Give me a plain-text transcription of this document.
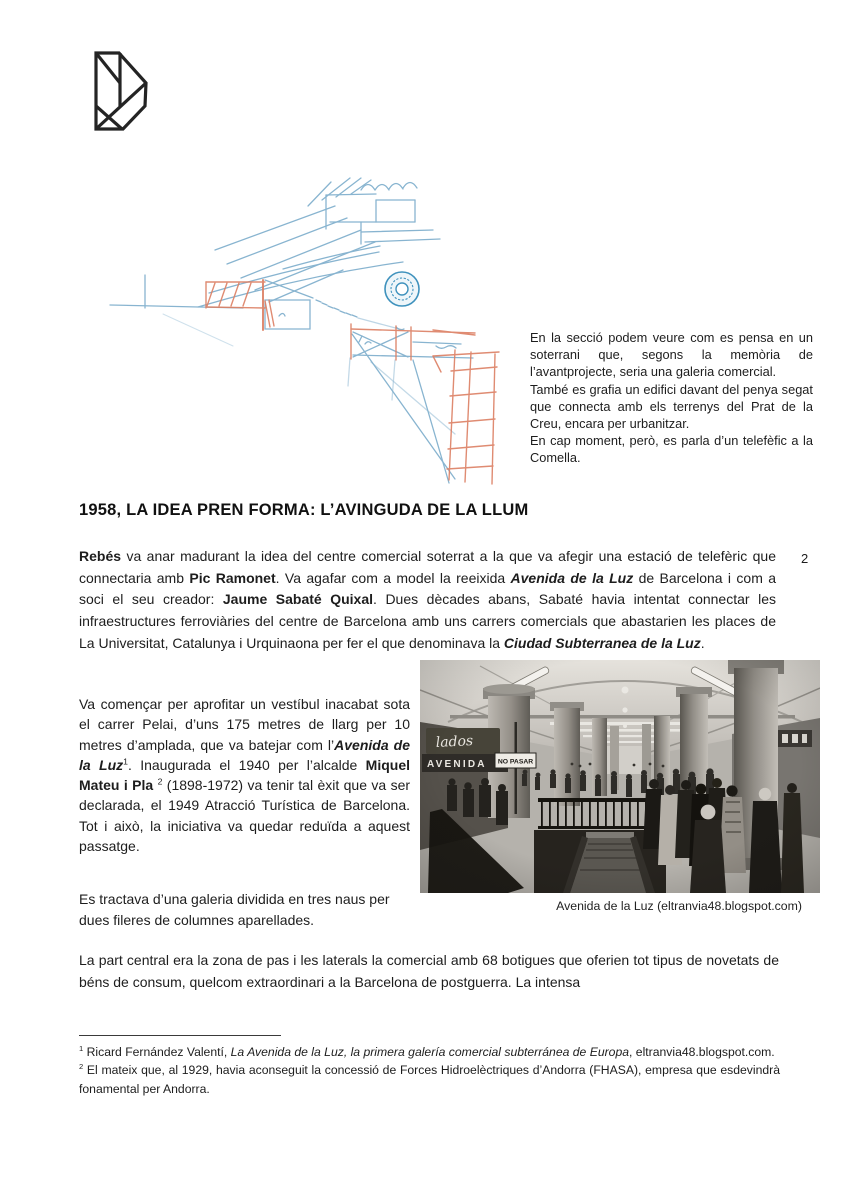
En la secció podem veure com es pensa en un soterrani que, segons la memòria de l’avantprojecte, seria una galeria comercial.

També es grafia un edifici davant del penya segat que connecta amb els terrenys del Prat de la Creu, encara per urbanitzar.

En cap moment, però, es parla d’un telefèfic a la Comella.

1958, LA IDEA PREN FORMA: L’AVINGUDA DE LA LLUM
2
Rebés va anar madurant la idea del centre comercial soterrat a la que va afegir una estació de telefèric que connectaria amb Pic Ramonet. Va agafar com a model la reeixida Avenida de la Luz de Barcelona i com a soci el seu creador: Jaume Sabaté Quixal. Dues dècades abans, Sabaté havia intentat connectar les infraestructures ferroviàries del centre de Barcelona amb uns carrers comercials que abastarien les places de La Universitat, Catalunya i Urquinaona per fer el que denominava la Ciudad Subterranea de la Luz.
Va començar per aprofitar un vestíbul inacabat sota el carrer Pelai, d’uns 175 metres de llarg per 10 metres d’amplada, que va batejar com l’Avenida de la Luz$^1$. Inaugurada el 1940 per l’alcalde Miquel Mateu i Pla $^2$ (1898-1972) va tenir tal èxit que va ser declarada, el 1949 Atracció Turística de Barcelona. Tot i això, la iniciativa va quedar reduïda a aquest passatge.
Avenida de la Luz (eltranvia48.blogspot.com)
Es tractava d’una galeria dividida en tres naus per dues fileres de columnes aparellades.
La part central era la zona de pas i les laterals la comercial amb 68 botigues que oferien tot tipus de novetats de béns de consum, quelcom extraordinari a la Barcelona de postguerra. La intensa

$^1$ Ricard Fernández Valentí, La Avenida de la Luz, la primera galería comercial subterránea de Europa, eltranvia48.blogspot.com.

$^2$ El mateix que, al 1929, havia aconseguit la concessió de Forces Hidroelèctriques d’Andorra (FHASA), empresa que esdevindrà fonamental per Andorra.
